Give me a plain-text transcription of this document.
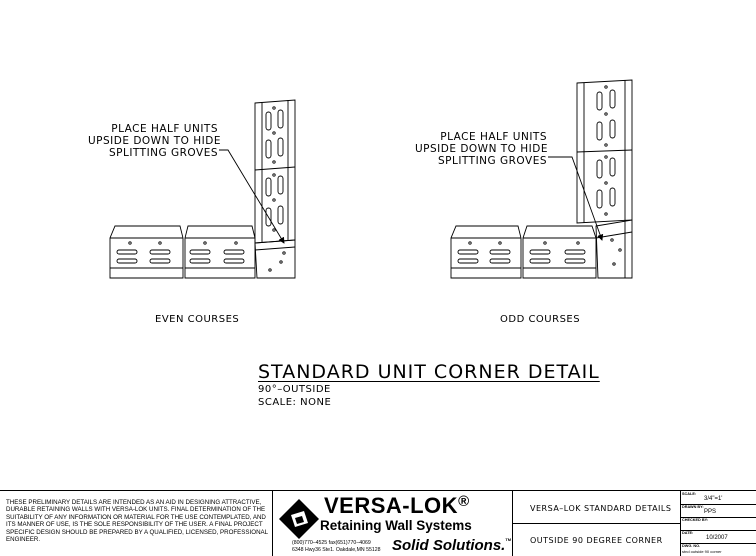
PLACE HALF UNITS
UPSIDE DOWN TO HIDE
SPLITTING GROVES
PLACE HALF UNITS
UPSIDE DOWN TO HIDE
SPLITTING GROVES
EVEN COURSES	ODD COURSES
STANDARD UNIT CORNER DETAIL
90°–OUTSIDE
SCALE: NONE
THESE PRELIMINARY DETAILS ARE INTENDED AS AN AID IN DESIGNING ATTRACTIVE, DURABLE RETAINING WALLS WITH VERSA-LOK UNITS. FINAL DETERMINATION OF THE SUITABILITY OF ANY INFORMATION OR MATERIAL FOR THE USE CONTEMPLATED, AND ITS MANNER OF USE, IS THE SOLE RESPONSIBILITY OF THE USER. A FINAL PROJECT SPECIFIC DESIGN SHOULD BE PREPARED BY A QUALIFIED, LICENSED, PROFESSIONAL ENGINEER.
VERSA-LOK®
Retaining Wall Systems
(800)770–4525 fax(651)770–4069
6348 Hwy36 Ste1. Oakdale,MN 55128 Solid Solutions.™
VERSA–LOK STANDARD DETAILS
OUTSIDE 90 DEGREE CORNER
SCALE:
3/4"=1'
DRAWN BY:
PPS
CHECKED BY:
DATE:
10/2007
DWG. NO.
stnd outside 90 corner
